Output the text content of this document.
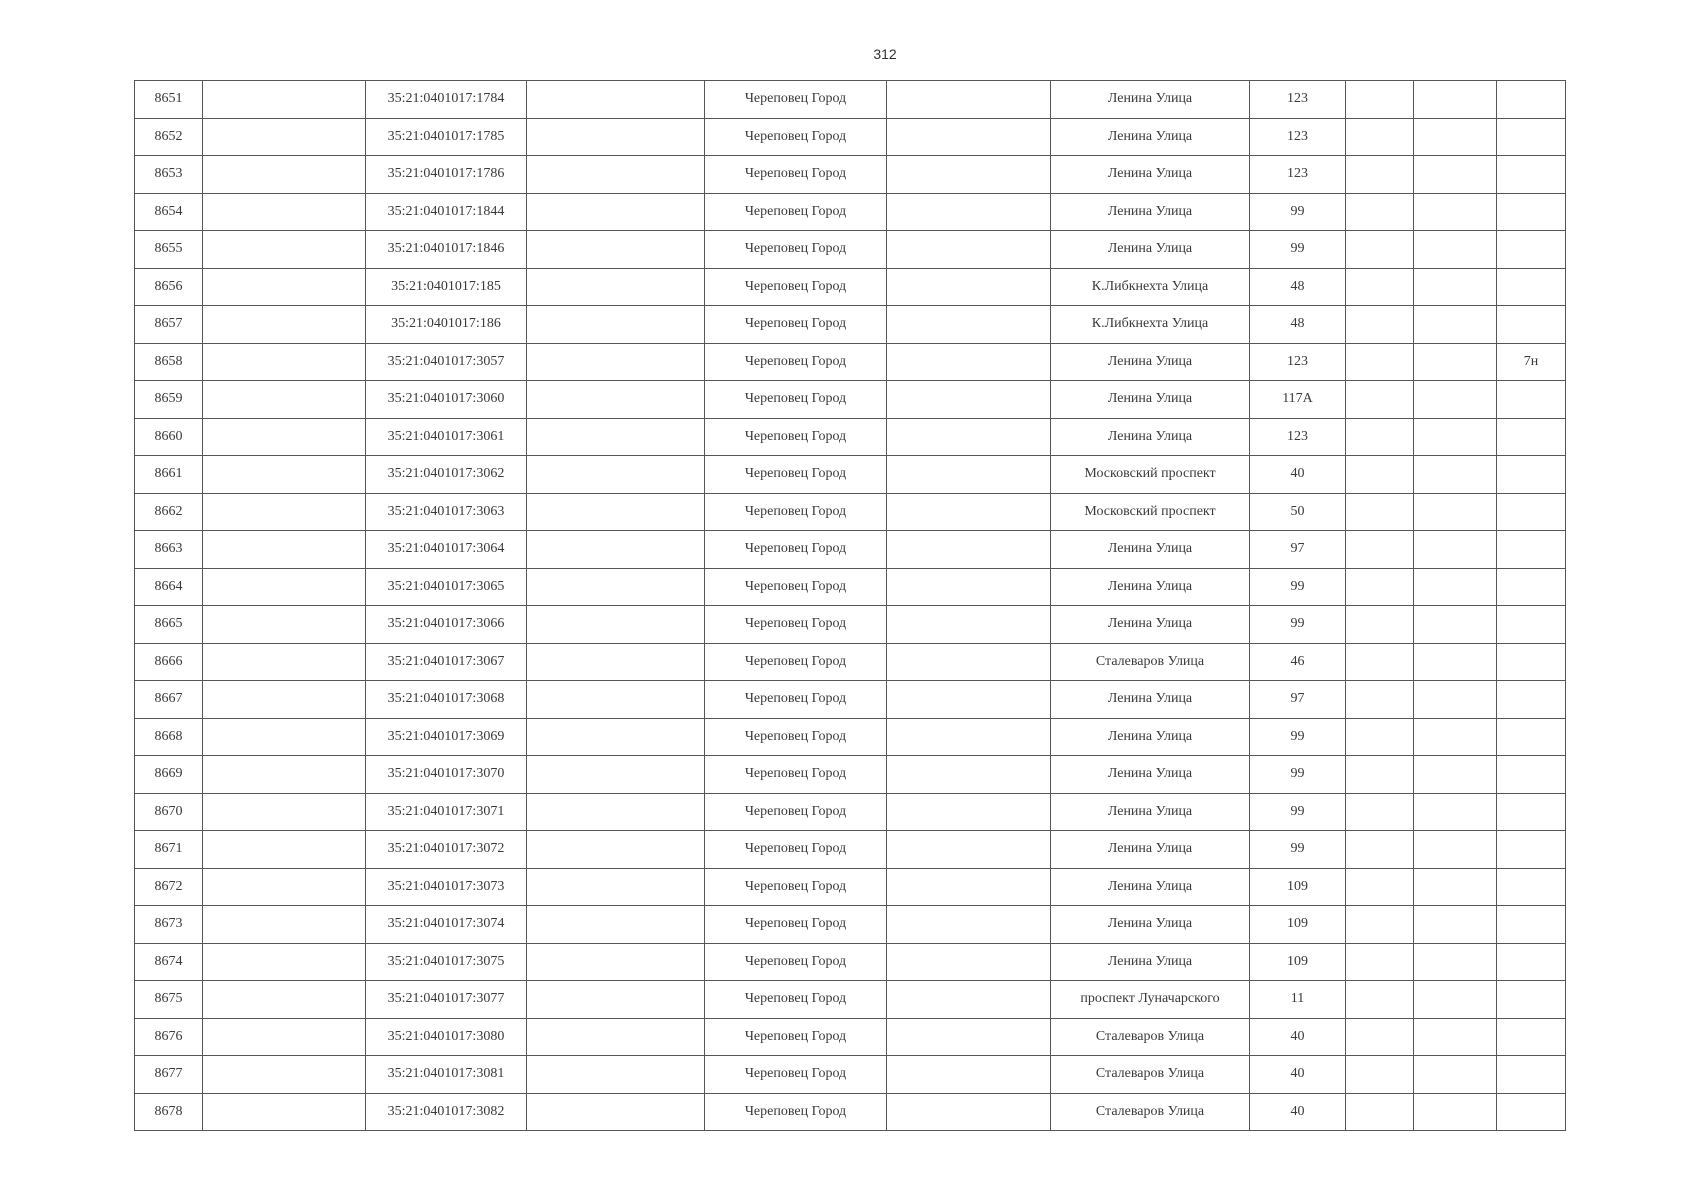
312
8651		35:21:0401017:1784		Череповец Город		Ленина Улица	123			
8652		35:21:0401017:1785		Череповец Город		Ленина Улица	123			
8653		35:21:0401017:1786		Череповец Город		Ленина Улица	123			
8654		35:21:0401017:1844		Череповец Город		Ленина Улица	99			
8655		35:21:0401017:1846		Череповец Город		Ленина Улица	99			
8656		35:21:0401017:185		Череповец Город		К.Либкнехта Улица	48			
8657		35:21:0401017:186		Череповец Город		К.Либкнехта Улица	48			
8658		35:21:0401017:3057		Череповец Город		Ленина Улица	123			7н
8659		35:21:0401017:3060		Череповец Город		Ленина Улица	117А			
8660		35:21:0401017:3061		Череповец Город		Ленина Улица	123			
8661		35:21:0401017:3062		Череповец Город		Московский проспект	40			
8662		35:21:0401017:3063		Череповец Город		Московский проспект	50			
8663		35:21:0401017:3064		Череповец Город		Ленина Улица	97			
8664		35:21:0401017:3065		Череповец Город		Ленина Улица	99			
8665		35:21:0401017:3066		Череповец Город		Ленина Улица	99			
8666		35:21:0401017:3067		Череповец Город		Сталеваров Улица	46			
8667		35:21:0401017:3068		Череповец Город		Ленина Улица	97			
8668		35:21:0401017:3069		Череповец Город		Ленина Улица	99			
8669		35:21:0401017:3070		Череповец Город		Ленина Улица	99			
8670		35:21:0401017:3071		Череповец Город		Ленина Улица	99			
8671		35:21:0401017:3072		Череповец Город		Ленина Улица	99			
8672		35:21:0401017:3073		Череповец Город		Ленина Улица	109			
8673		35:21:0401017:3074		Череповец Город		Ленина Улица	109			
8674		35:21:0401017:3075		Череповец Город		Ленина Улица	109			
8675		35:21:0401017:3077		Череповец Город		проспект Луначарского	11			
8676		35:21:0401017:3080		Череповец Город		Сталеваров Улица	40			
8677		35:21:0401017:3081		Череповец Город		Сталеваров Улица	40			
8678		35:21:0401017:3082		Череповец Город		Сталеваров Улица	40			
